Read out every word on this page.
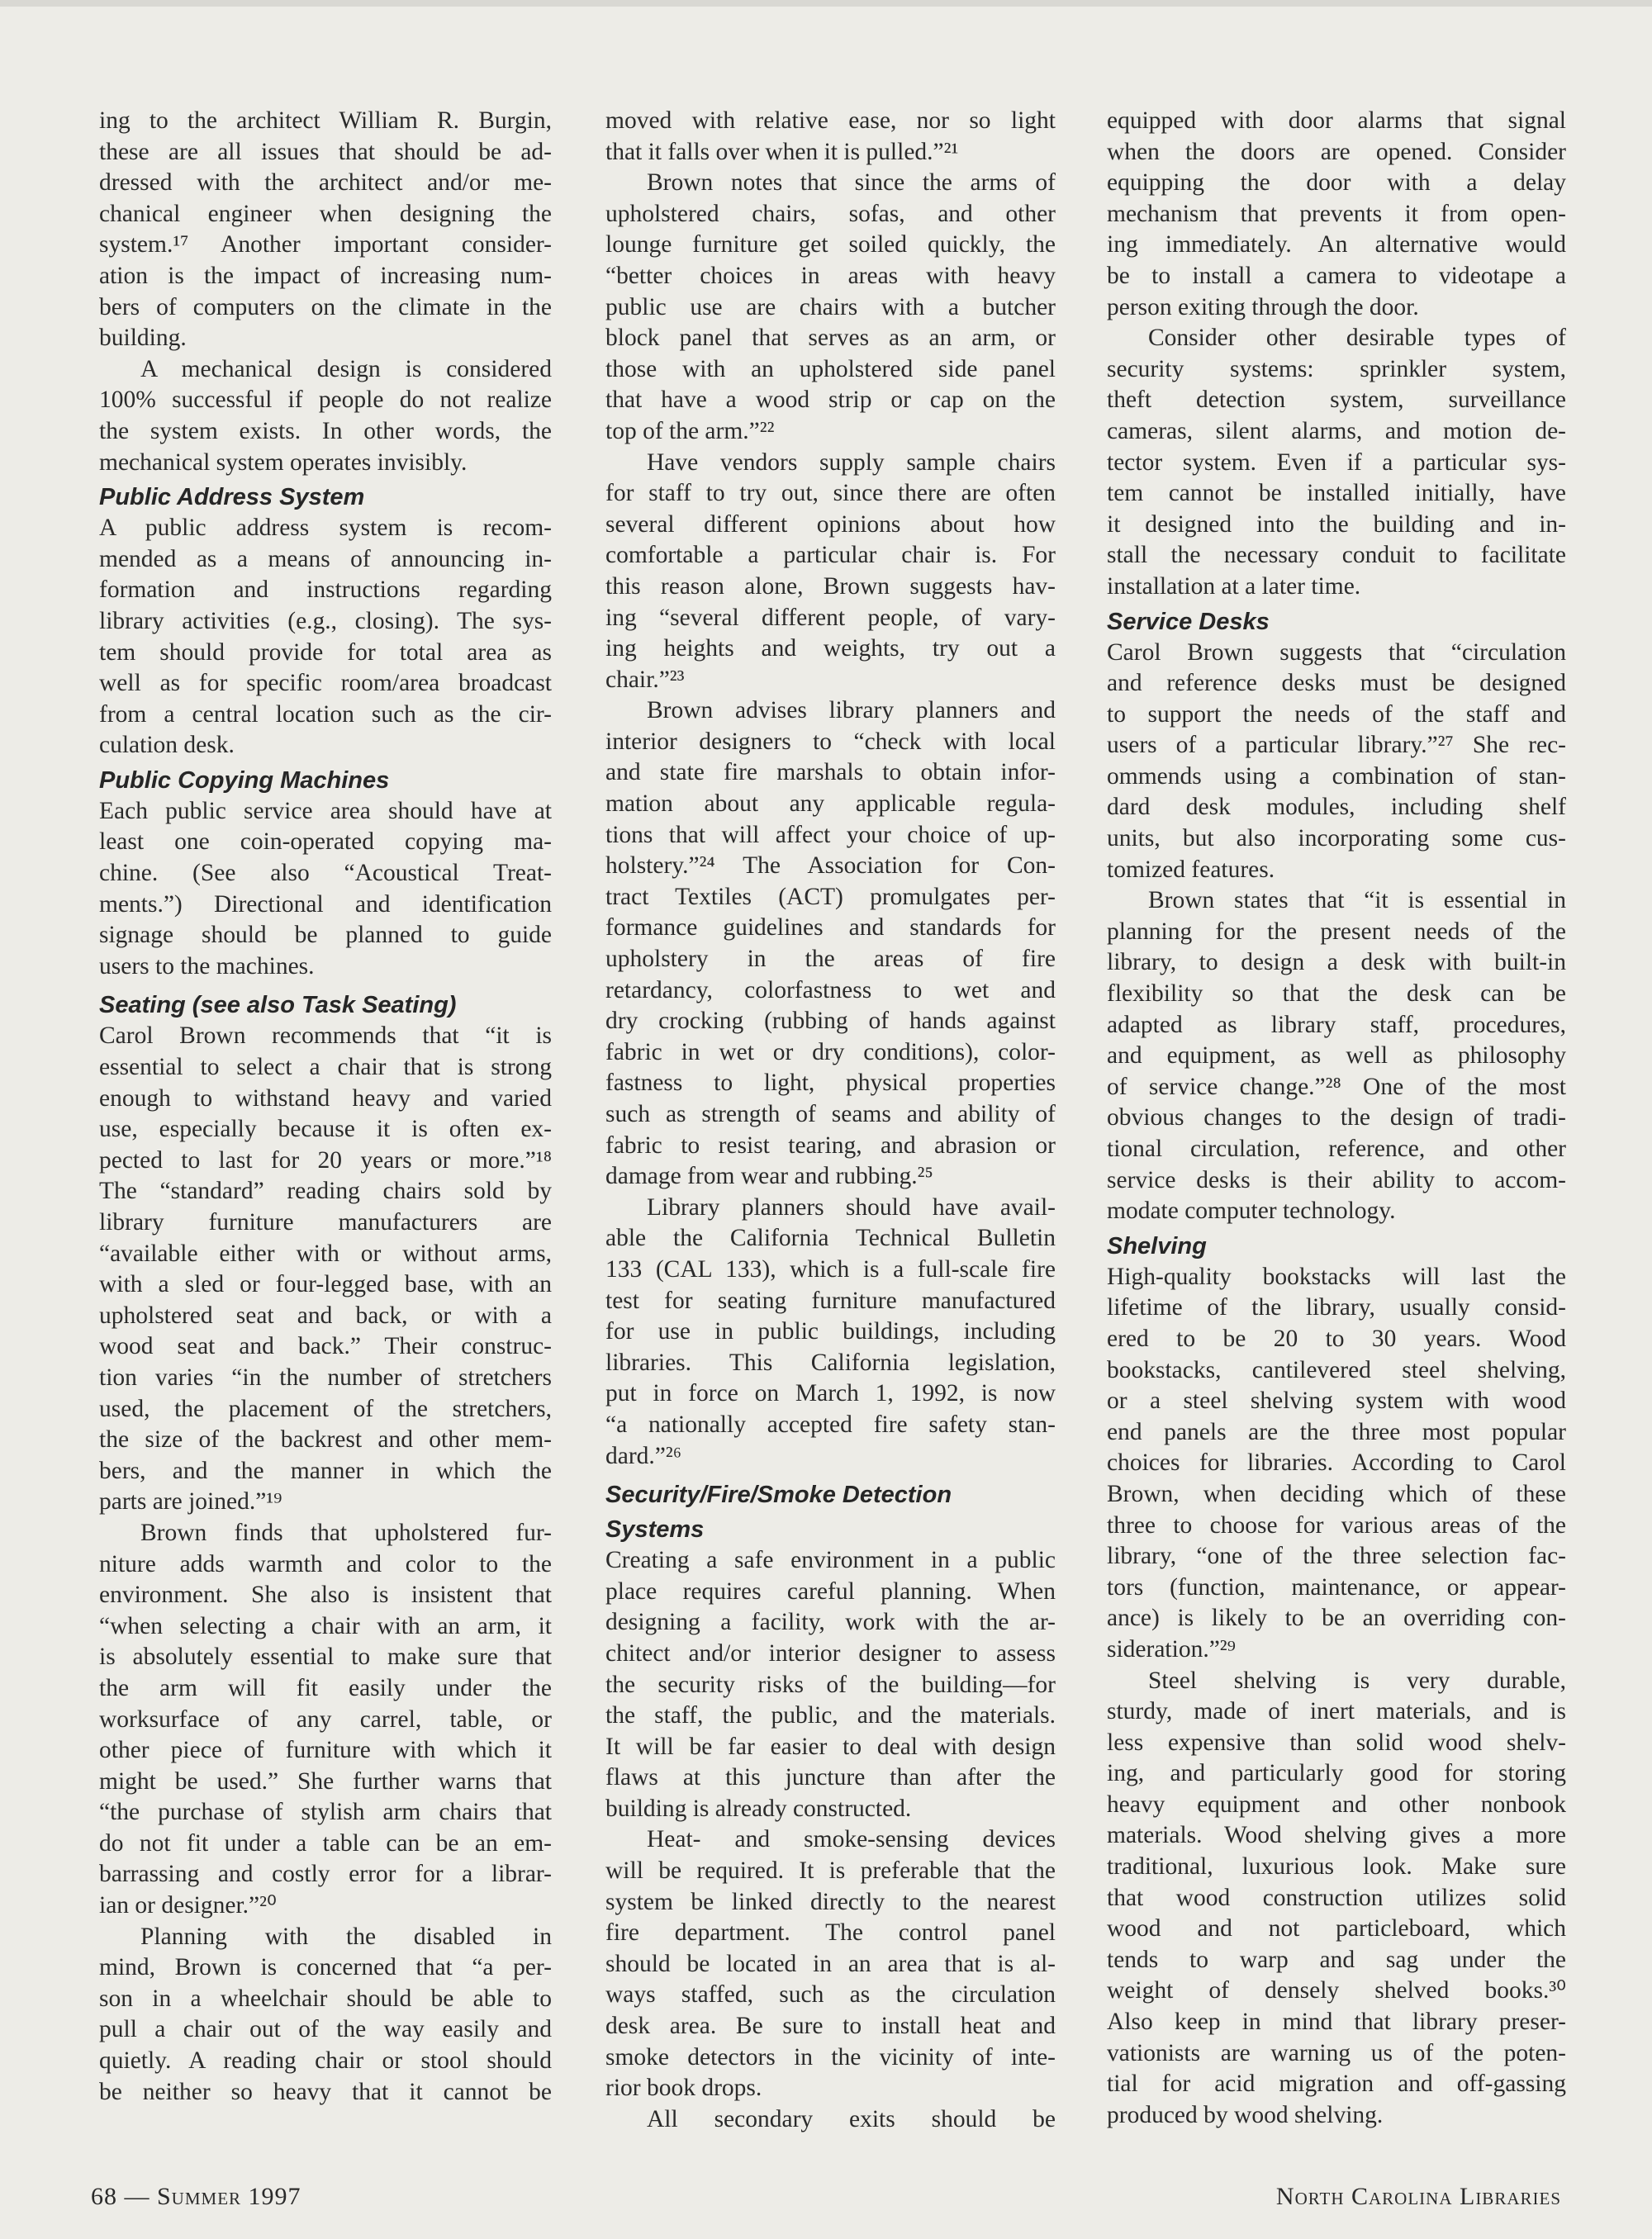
ing to the architect William R. Burgin,
these are all issues that should be ad-
dressed with the architect and/or me-
chanical engineer when designing the
system.¹⁷ Another important consider-
ation is the impact of increasing num-
bers of computers on the climate in the
building.
A mechanical design is considered
100% successful if people do not realize
the system exists. In other words, the
mechanical system operates invisibly.
Public Address System
A public address system is recom-
mended as a means of announcing in-
formation and instructions regarding
library activities (e.g., closing). The sys-
tem should provide for total area as
well as for specific room/area broadcast
from a central location such as the cir-
culation desk.
Public Copying Machines
Each public service area should have at
least one coin-operated copying ma-
chine. (See also “Acoustical Treat-
ments.”) Directional and identification
signage should be planned to guide
users to the machines.
Seating (see also Task Seating)
Carol Brown recommends that “it is
essential to select a chair that is strong
enough to withstand heavy and varied
use, especially because it is often ex-
pected to last for 20 years or more.”¹⁸
The “standard” reading chairs sold by
library furniture manufacturers are
“available either with or without arms,
with a sled or four-legged base, with an
upholstered seat and back, or with a
wood seat and back.” Their construc-
tion varies “in the number of stretchers
used, the placement of the stretchers,
the size of the backrest and other mem-
bers, and the manner in which the
parts are joined.”¹⁹
Brown finds that upholstered fur-
niture adds warmth and color to the
environment. She also is insistent that
“when selecting a chair with an arm, it
is absolutely essential to make sure that
the arm will fit easily under the
worksurface of any carrel, table, or
other piece of furniture with which it
might be used.” She further warns that
“the purchase of stylish arm chairs that
do not fit under a table can be an em-
barrassing and costly error for a librar-
ian or designer.”²⁰
Planning with the disabled in
mind, Brown is concerned that “a per-
son in a wheelchair should be able to
pull a chair out of the way easily and
quietly. A reading chair or stool should
be neither so heavy that it cannot be
moved with relative ease, nor so light
that it falls over when it is pulled.”²¹
Brown notes that since the arms of
upholstered chairs, sofas, and other
lounge furniture get soiled quickly, the
“better choices in areas with heavy
public use are chairs with a butcher
block panel that serves as an arm, or
those with an upholstered side panel
that have a wood strip or cap on the
top of the arm.”²²
Have vendors supply sample chairs
for staff to try out, since there are often
several different opinions about how
comfortable a particular chair is. For
this reason alone, Brown suggests hav-
ing “several different people, of vary-
ing heights and weights, try out a
chair.”²³
Brown advises library planners and
interior designers to “check with local
and state fire marshals to obtain infor-
mation about any applicable regula-
tions that will affect your choice of up-
holstery.”²⁴ The Association for Con-
tract Textiles (ACT) promulgates per-
formance guidelines and standards for
upholstery in the areas of fire
retardancy, colorfastness to wet and
dry crocking (rubbing of hands against
fabric in wet or dry conditions), color-
fastness to light, physical properties
such as strength of seams and ability of
fabric to resist tearing, and abrasion or
damage from wear and rubbing.²⁵
Library planners should have avail-
able the California Technical Bulletin
133 (CAL 133), which is a full-scale fire
test for seating furniture manufactured
for use in public buildings, including
libraries. This California legislation,
put in force on March 1, 1992, is now
“a nationally accepted fire safety stan-
dard.”²⁶
Security/Fire/Smoke Detection
Systems
Creating a safe environment in a public
place requires careful planning. When
designing a facility, work with the ar-
chitect and/or interior designer to assess
the security risks of the building—for
the staff, the public, and the materials.
It will be far easier to deal with design
flaws at this juncture than after the
building is already constructed.
Heat- and smoke-sensing devices
will be required. It is preferable that the
system be linked directly to the nearest
fire department. The control panel
should be located in an area that is al-
ways staffed, such as the circulation
desk area. Be sure to install heat and
smoke detectors in the vicinity of inte-
rior book drops.
All secondary exits should be
equipped with door alarms that signal
when the doors are opened. Consider
equipping the door with a delay
mechanism that prevents it from open-
ing immediately. An alternative would
be to install a camera to videotape a
person exiting through the door.
Consider other desirable types of
security systems: sprinkler system,
theft detection system, surveillance
cameras, silent alarms, and motion de-
tector system. Even if a particular sys-
tem cannot be installed initially, have
it designed into the building and in-
stall the necessary conduit to facilitate
installation at a later time.
Service Desks
Carol Brown suggests that “circulation
and reference desks must be designed
to support the needs of the staff and
users of a particular library.”²⁷ She rec-
ommends using a combination of stan-
dard desk modules, including shelf
units, but also incorporating some cus-
tomized features.
Brown states that “it is essential in
planning for the present needs of the
library, to design a desk with built-in
flexibility so that the desk can be
adapted as library staff, procedures,
and equipment, as well as philosophy
of service change.”²⁸ One of the most
obvious changes to the design of tradi-
tional circulation, reference, and other
service desks is their ability to accom-
modate computer technology.
Shelving
High-quality bookstacks will last the
lifetime of the library, usually consid-
ered to be 20 to 30 years. Wood
bookstacks, cantilevered steel shelving,
or a steel shelving system with wood
end panels are the three most popular
choices for libraries. According to Carol
Brown, when deciding which of these
three to choose for various areas of the
library, “one of the three selection fac-
tors (function, maintenance, or appear-
ance) is likely to be an overriding con-
sideration.”²⁹
Steel shelving is very durable,
sturdy, made of inert materials, and is
less expensive than solid wood shelv-
ing, and particularly good for storing
heavy equipment and other nonbook
materials. Wood shelving gives a more
traditional, luxurious look. Make sure
that wood construction utilizes solid
wood and not particleboard, which
tends to warp and sag under the
weight of densely shelved books.³⁰
Also keep in mind that library preser-
vationists are warning us of the poten-
tial for acid migration and off-gassing
produced by wood shelving.
68 — Summer 1997	North Carolina Libraries
